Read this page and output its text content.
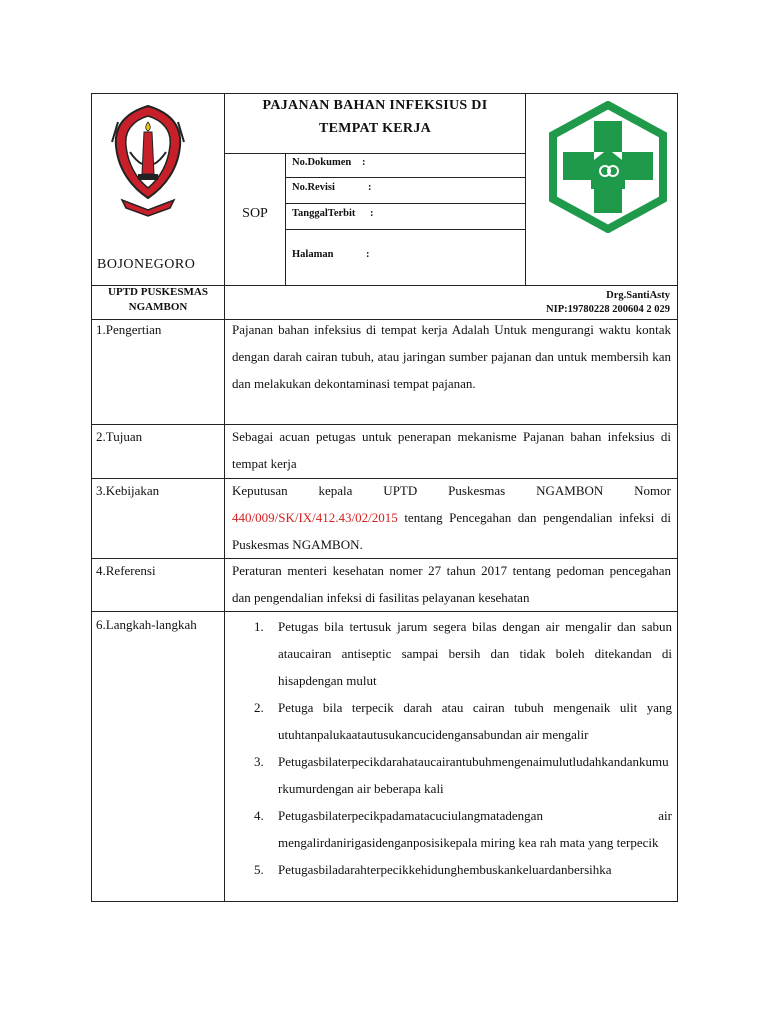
BOJONEGORO
UPTD PUSKESMAS
NGAMBON
PAJANAN BAHAN INFEKSIUS DI
TEMPAT KERJA
SOP
No.Dokumen :
No.Revisi	:
TanggalTerbit :
Halaman	:
Drg.SantiAsty
NIP:19780228 200604 2 029
1.Pengertian	Pajanan bahan infeksius di tempat kerja Adalah Untuk mengurangi waktu kontak dengan darah cairan tubuh, atau jaringan sumber pajanan dan untuk membersih kan dan melakukan dekontaminasi tempat pajanan.
2.Tujuan	Sebagai acuan petugas untuk penerapan mekanisme Pajanan bahan infeksius di tempat kerja
3.Kebijakan	Keputusan kepala UPTD Puskesmas NGAMBON Nomor 440/009/SK/IX/412.43/02/2015 tentang Pencegahan dan pengendalian infeksi di Puskesmas NGAMBON.
4.Referensi	Peraturan menteri kesehatan nomer 27 tahun 2017 tentang pedoman pencegahan dan pengendalian infeksi di fasilitas pelayanan kesehatan
6.Langkah-langkah	1. Petugas bila tertusuk jarum segera bilas dengan air mengalir dan sabun ataucairan antiseptic sampai bersih dan tidak boleh ditekandan di hisapdengan mulut
2. Petuga bila terpecik darah atau cairan tubuh mengenaik ulit yang utuhtanpalukaatautusukancucidengansabundan air mengalir
3. Petugasbilaterpecikdarahataucairantubuhmengenaimulutludahkandankumurkumurdengan air beberapa kali
4. Petugasbilaterpecikpadamatacuciulangmatadengan air mengalirdanirigasidenganposisikepala miring kea rah mata yang terpecik
5. Petugasbiladarahterpecikkehidunghembuskankeluardanbersihka
